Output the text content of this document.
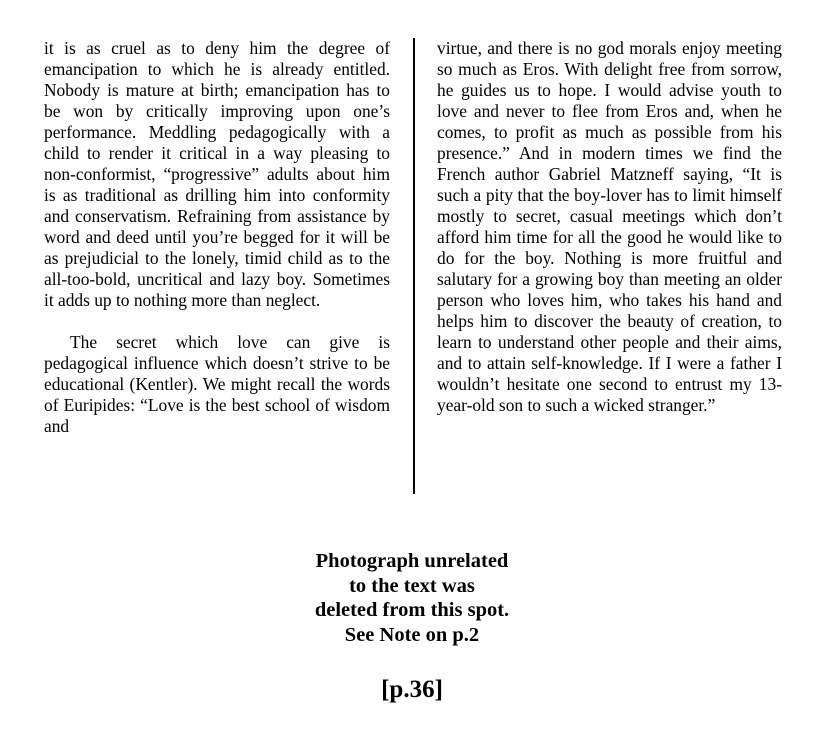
it is as cruel as to deny him the degree of emancipation to which he is already entitled. Nobody is mature at birth; emancipation has to be won by critically improving upon one’s performance. Meddling pedagogically with a child to render it critical in a way pleasing to non-conformist, “progressive” adults about him is as traditional as drilling him into conformity and conservatism. Refraining from assistance by word and deed until you’re begged for it will be as prejudicial to the lonely, timid child as to the all-too-bold, uncritical and lazy boy. Sometimes it adds up to nothing more than neglect.

The secret which love can give is pedagogical influence which doesn’t strive to be educational (Kentler). We might recall the words of Euripides: “Love is the best school of wisdom and

virtue, and there is no god morals enjoy meeting so much as Eros. With delight free from sorrow, he guides us to hope. I would advise youth to love and never to flee from Eros and, when he comes, to profit as much as possible from his presence.” And in modern times we find the French author Gabriel Matzneff saying, “It is such a pity that the boy-lover has to limit himself mostly to secret, casual meetings which don’t afford him time for all the good he would like to do for the boy. Nothing is more fruitful and salutary for a growing boy than meeting an older person who loves him, who takes his hand and helps him to discover the beauty of creation, to learn to understand other people and their aims, and to attain self-knowledge. If I were a father I wouldn’t hesitate one second to entrust my 13-year-old son to such a wicked stranger.”

Photograph unrelated
to the text was
deleted from this spot.
See Note on p.2
[p.36]
